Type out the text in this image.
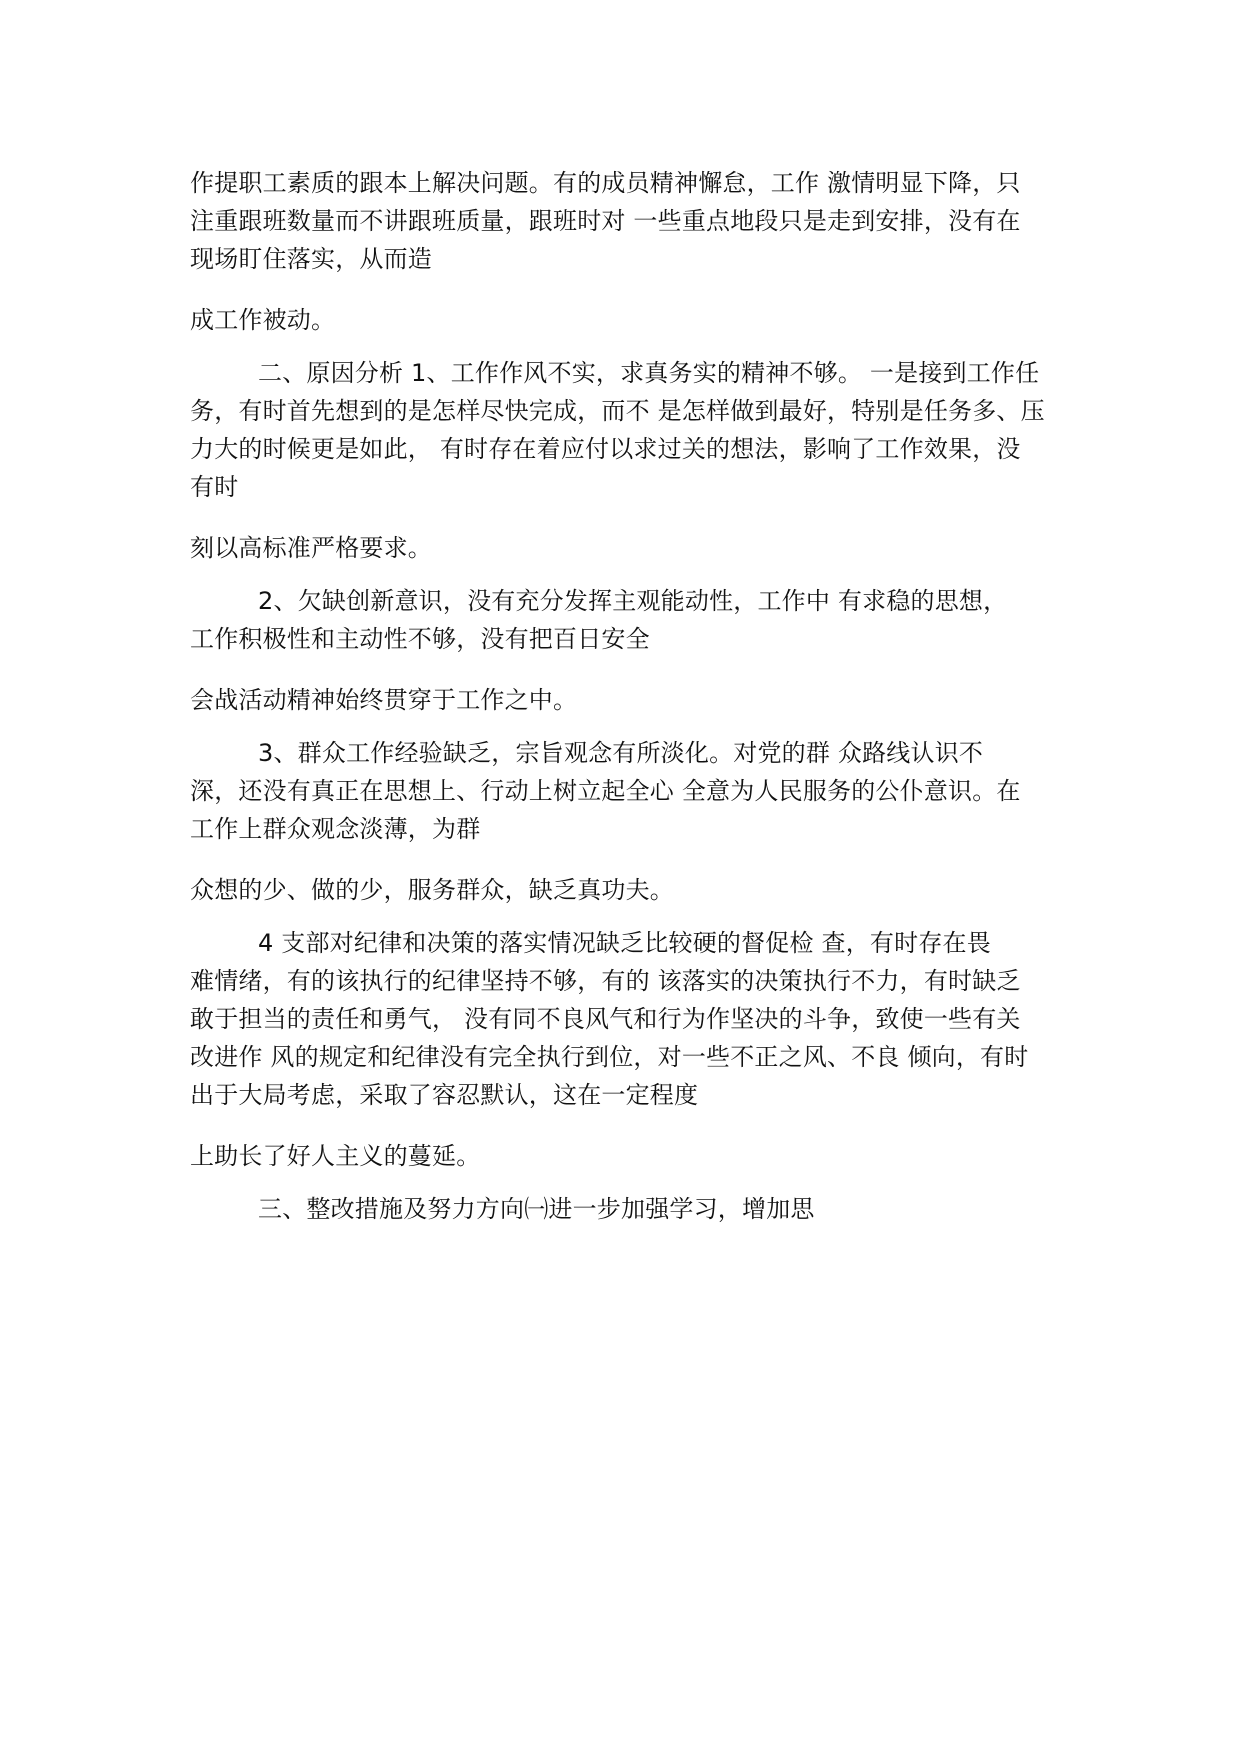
作提职工素质的跟本上解决问题。有的成员精神懈怠，工作 激情明显下降，只
注重跟班数量而不讲跟班质量，跟班时对 一些重点地段只是走到安排，没有在
现场盯住落实，从而造
成工作被动。
二、原因分析 1、工作作风不实，求真务实的精神不够。 一是接到工作任
务，有时首先想到的是怎样尽快完成，而不 是怎样做到最好，特别是任务多、压
力大的时候更是如此， 有时存在着应付以求过关的想法，影响了工作效果，没
有时
刻以高标准严格要求。
2、欠缺创新意识，没有充分发挥主观能动性，工作中 有求稳的思想，
工作积极性和主动性不够，没有把百日安全
会战活动精神始终贯穿于工作之中。
3、群众工作经验缺乏，宗旨观念有所淡化。对党的群 众路线认识不
深，还没有真正在思想上、行动上树立起全心 全意为人民服务的公仆意识。在
工作上群众观念淡薄，为群
众想的少、做的少，服务群众，缺乏真功夫。
4 支部对纪律和决策的落实情况缺乏比较硬的督促检 查，有时存在畏
难情绪，有的该执行的纪律坚持不够，有的 该落实的决策执行不力，有时缺乏
敢于担当的责任和勇气， 没有同不良风气和行为作坚决的斗争，致使一些有关
改进作 风的规定和纪律没有完全执行到位，对一些不正之风、不良 倾向，有时
出于大局考虑，采取了容忍默认，这在一定程度
上助长了好人主义的蔓延。
三、整改措施及努力方向㈠进一步加强学习，增加思
